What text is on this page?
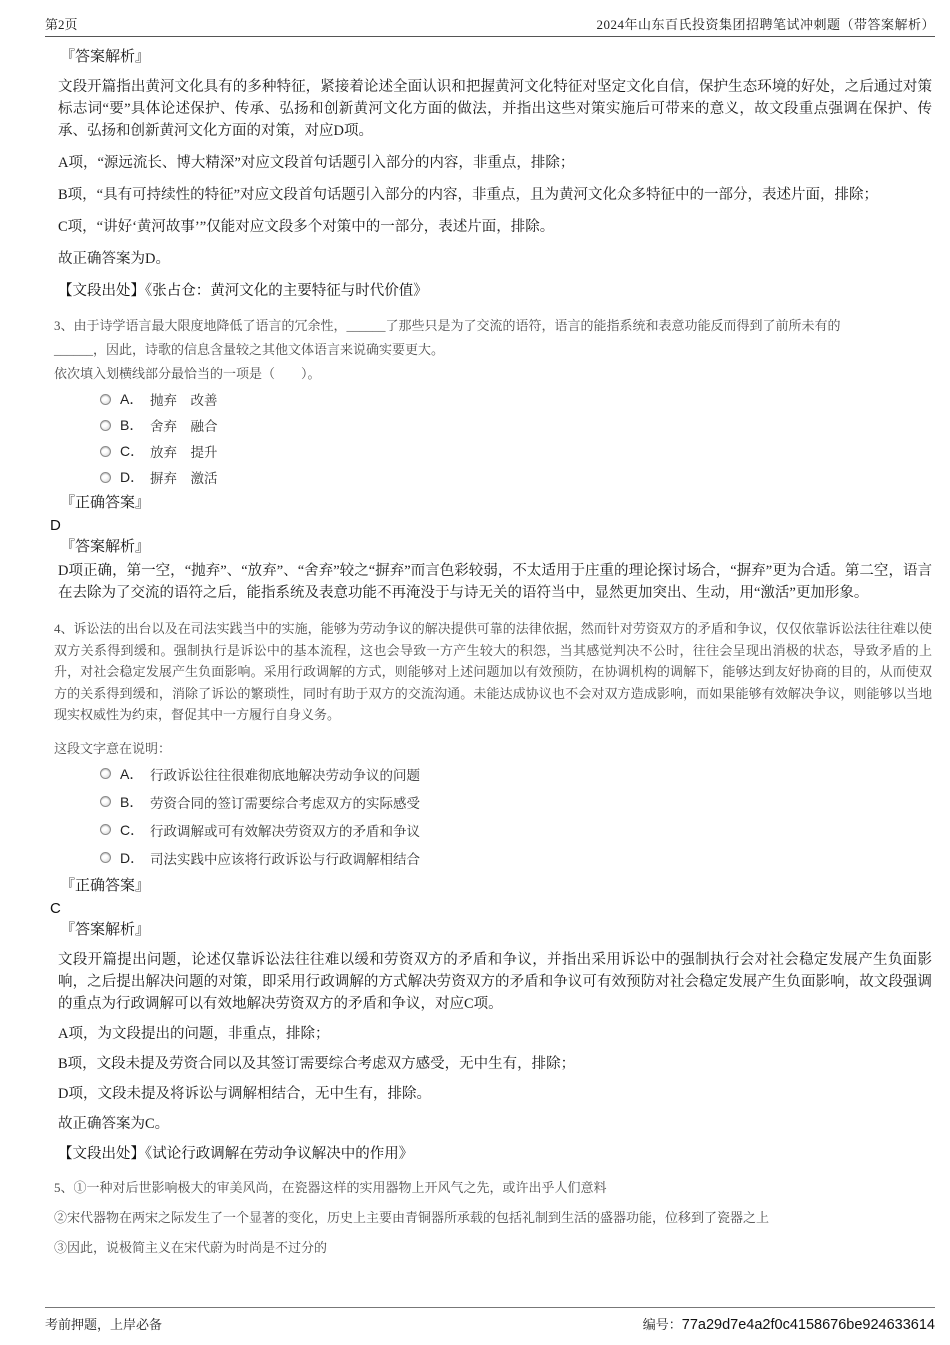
第2页	2024年山东百氏投资集团招聘笔试冲刺题（带答案解析）

『答案解析』

文段开篇指出黄河文化具有的多种特征，紧接着论述全面认识和把握黄河文化特征对坚定文化自信，保护生态环境的好处，之后通过对策标志词“要”具体论述保护、传承、弘扬和创新黄河文化方面的做法，并指出这些对策实施后可带来的意义，故文段重点强调在保护、传承、弘扬和创新黄河文化方面的对策，对应D项。

A项，“源远流长、博大精深”对应文段首句话题引入部分的内容，非重点，排除；

B项，“具有可持续性的特征”对应文段首句话题引入部分的内容，非重点，且为黄河文化众多特征中的一部分，表述片面，排除；

C项，“讲好‘黄河故事’”仅能对应文段多个对策中的一部分，表述片面，排除。

故正确答案为D。

【文段出处】《张占仓：黄河文化的主要特征与时代价值》

3、由于诗学语言最大限度地降低了语言的冗余性，______了那些只是为了交流的语符，语言的能指系统和表意功能反而得到了前所未有的

______，因此，诗歌的信息含量较之其他文体语言来说确实要更大。

依次填入划横线部分最恰当的一项是（　　）。

A． 抛弃　改善
B． 舍弃　融合
C． 放弃　提升
D． 摒弃　激活

『正确答案』

D

『答案解析』

D项正确，第一空，“抛弃”、“放弃”、“舍弃”较之“摒弃”而言色彩较弱，不太适用于庄重的理论探讨场合，“摒弃”更为合适。第二空，语言在去除为了交流的语符之后，能指系统及表意功能不再淹没于与诗无关的语符当中，显然更加突出、生动，用“激活”更加形象。

4、诉讼法的出台以及在司法实践当中的实施，能够为劳动争议的解决提供可靠的法律依据，然而针对劳资双方的矛盾和争议，仅仅依靠诉讼法往往难以使双方关系得到缓和。强制执行是诉讼中的基本流程，这也会导致一方产生较大的积怨，当其感觉判决不公时，往往会呈现出消极的状态，导致矛盾的上升，对社会稳定发展产生负面影响。采用行政调解的方式，则能够对上述问题加以有效预防，在协调机构的调解下，能够达到友好协商的目的，从而使双方的关系得到缓和，消除了诉讼的繁琐性，同时有助于双方的交流沟通。未能达成协议也不会对双方造成影响，而如果能够有效解决争议，则能够以当地现实权威性为约束，督促其中一方履行自身义务。

这段文字意在说明：

A． 行政诉讼往往很难彻底地解决劳动争议的问题
B． 劳资合同的签订需要综合考虑双方的实际感受
C． 行政调解或可有效解决劳资双方的矛盾和争议
D． 司法实践中应该将行政诉讼与行政调解相结合

『正确答案』

C

『答案解析』

文段开篇提出问题，论述仅靠诉讼法往往难以缓和劳资双方的矛盾和争议，并指出采用诉讼中的强制执行会对社会稳定发展产生负面影响，之后提出解决问题的对策，即采用行政调解的方式解决劳资双方的矛盾和争议可有效预防对社会稳定发展产生负面影响，故文段强调的重点为行政调解可以有效地解决劳资双方的矛盾和争议，对应C项。

A项，为文段提出的问题，非重点，排除；

B项，文段未提及劳资合同以及其签订需要综合考虑双方感受，无中生有，排除；

D项，文段未提及将诉讼与调解相结合，无中生有，排除。

故正确答案为C。

【文段出处】《试论行政调解在劳动争议解决中的作用》

5、①一种对后世影响极大的审美风尚，在瓷器这样的实用器物上开风气之先，或许出乎人们意料

②宋代器物在两宋之际发生了一个显著的变化，历史上主要由青铜器所承载的包括礼制到生活的盛器功能，位移到了瓷器之上

③因此，说极简主义在宋代蔚为时尚是不过分的

考前押题，上岸必备	编号：77a29d7e4a2f0c4158676be924633614
